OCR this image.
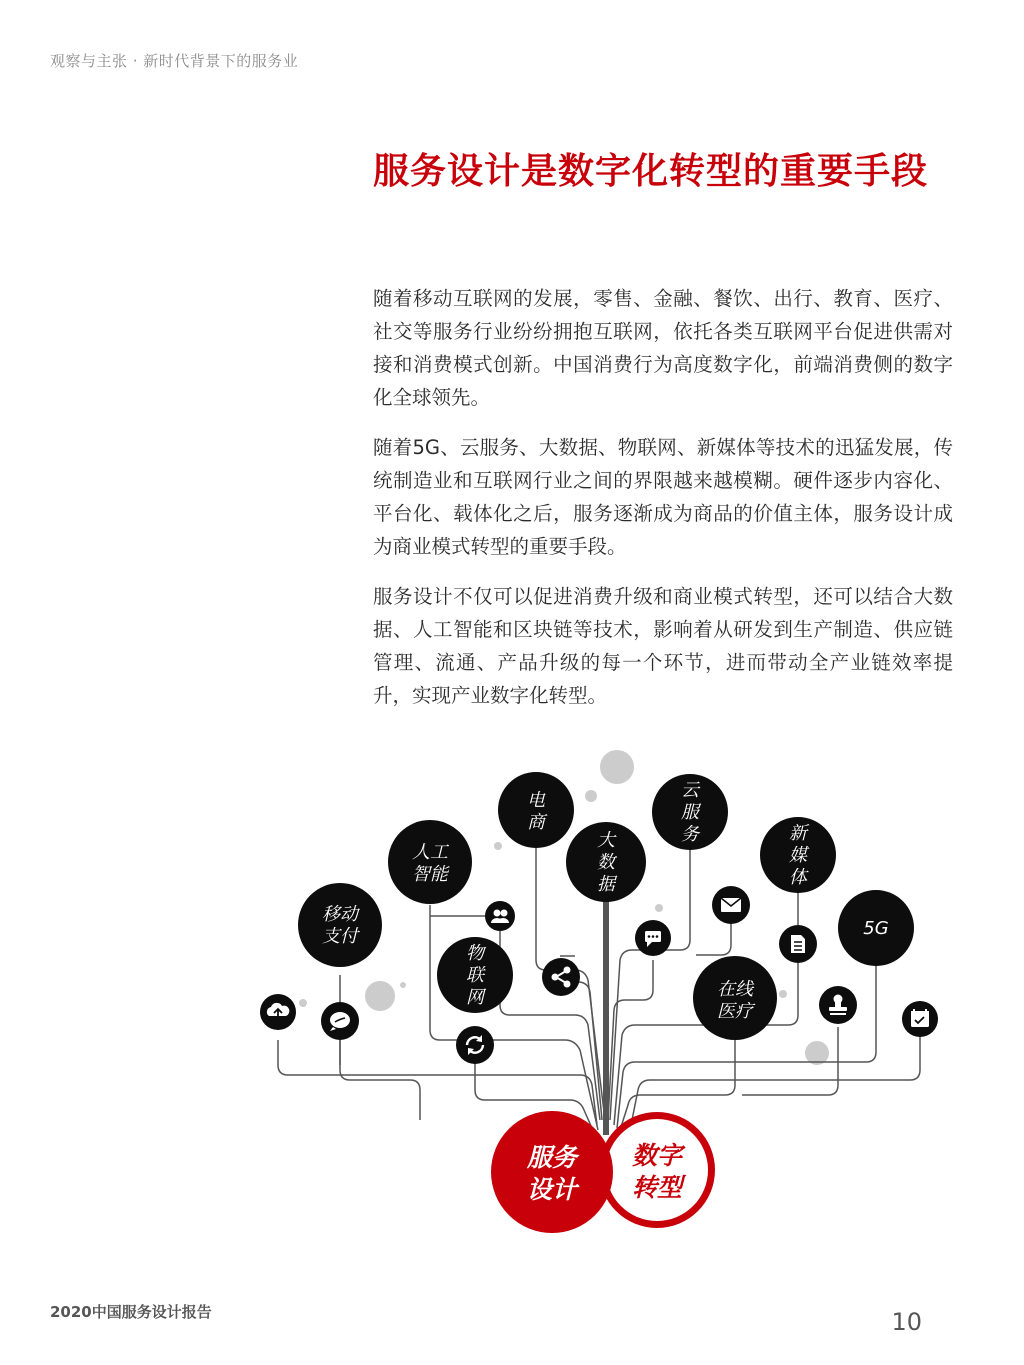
观察与主张 · 新时代背景下的服务业
服务设计是数字化转型的重要手段

随着移动互联网的发展，零售、金融、餐饮、出行、教育、医疗、社交等服务行业纷纷拥抱互联网，依托各类互联网平台促进供需对接和消费模式创新。中国消费行为高度数字化，前端消费侧的数字化全球领先。

随着5G、云服务、大数据、物联网、新媒体等技术的迅猛发展，传统制造业和互联网行业之间的界限越来越模糊。硬件逐步内容化、平台化、载体化之后，服务逐渐成为商品的价值主体，服务设计成为商业模式转型的重要手段。

服务设计不仅可以促进消费升级和商业模式转型，还可以结合大数据、人工智能和区块链等技术，影响着从研发到生产制造、供应链管理、流通、产品升级的每一个环节，进而带动全产业链效率提升，实现产业数字化转型。

移动
支付
人工
智能
电
商
大
数
据
云
服
务	新
媒
体
5G
物
联
网	在线
医疗
数字
转型
服务
设计
2020中国服务设计报告	10
